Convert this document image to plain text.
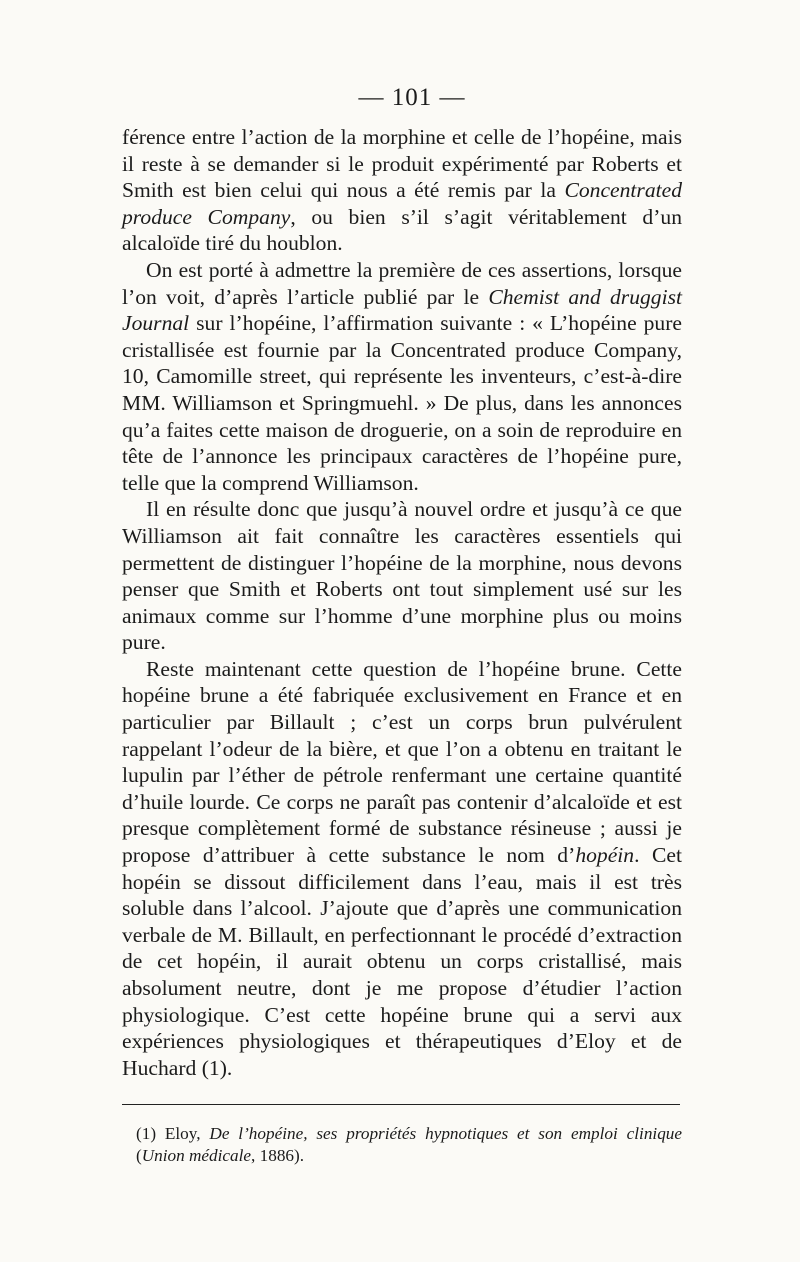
— 101 —

férence entre l’action de la morphine et celle de l’hopéine, mais il reste à se demander si le produit expérimenté par Roberts et Smith est bien celui qui nous a été remis par la Concentrated produce Company, ou bien s’il s’agit véritablement d’un alcaloïde tiré du houblon.

On est porté à admettre la première de ces assertions, lorsque l’on voit, d’après l’article publié par le Chemist and druggist Journal sur l’hopéine, l’affirmation suivante : « L’hopéine pure cristallisée est fournie par la Concentrated produce Company, 10, Camomille street, qui représente les inventeurs, c’est-à-dire MM. Williamson et Springmuehl. » De plus, dans les annonces qu’a faites cette maison de droguerie, on a soin de reproduire en tête de l’annonce les principaux caractères de l’hopéine pure, telle que la comprend Williamson.

Il en résulte donc que jusqu’à nouvel ordre et jusqu’à ce que Williamson ait fait connaître les caractères essentiels qui permettent de distinguer l’hopéine de la morphine, nous devons penser que Smith et Roberts ont tout simplement usé sur les animaux comme sur l’homme d’une morphine plus ou moins pure.

Reste maintenant cette question de l’hopéine brune. Cette hopéine brune a été fabriquée exclusivement en France et en particulier par Billault ; c’est un corps brun pulvérulent rappelant l’odeur de la bière, et que l’on a obtenu en traitant le lupulin par l’éther de pétrole renfermant une certaine quantité d’huile lourde. Ce corps ne paraît pas contenir d’alcaloïde et est presque complètement formé de substance résineuse ; aussi je propose d’attribuer à cette substance le nom d’hopéin. Cet hopéin se dissout difficilement dans l’eau, mais il est très soluble dans l’alcool. J’ajoute que d’après une communication verbale de M. Billault, en perfectionnant le procédé d’extraction de cet hopéin, il aurait obtenu un corps cristallisé, mais absolument neutre, dont je me propose d’étudier l’action physiologique. C’est cette hopéine brune qui a servi aux expériences physiologiques et thérapeutiques d’Eloy et de Huchard (1).

(1) Eloy, De l’hopéine, ses propriétés hypnotiques et son emploi clinique (Union médicale, 1886).
